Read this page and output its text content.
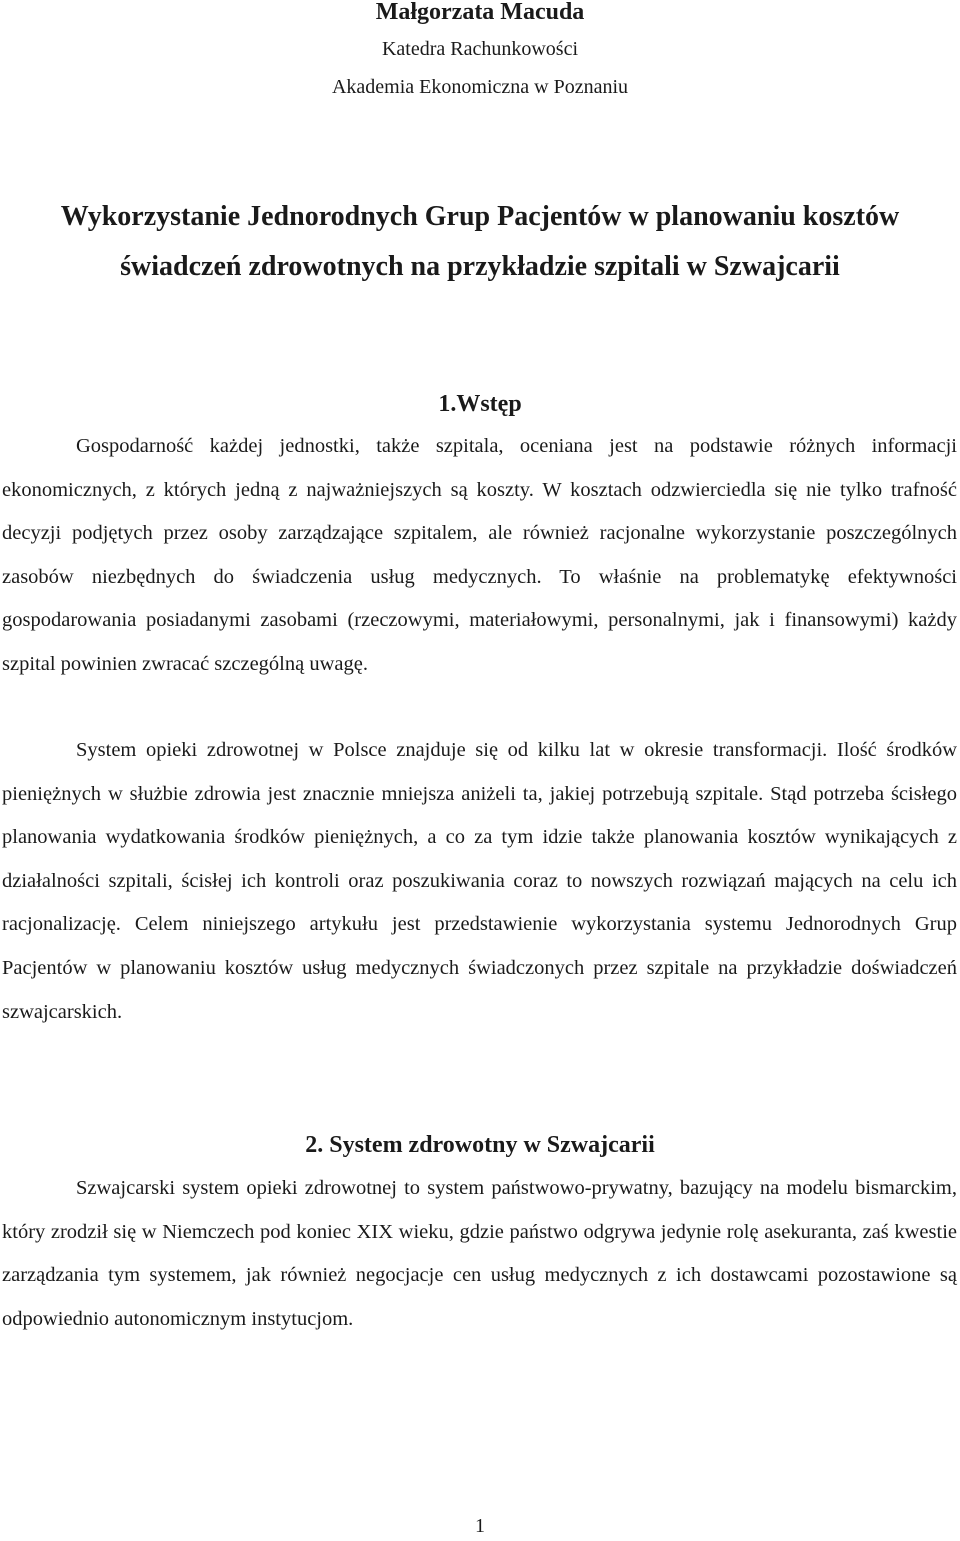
Małgorzata Macuda
Katedra Rachunkowości
Akademia Ekonomiczna w Poznaniu
Wykorzystanie Jednorodnych Grup Pacjentów w planowaniu kosztów
świadczeń zdrowotnych na przykładzie szpitali w Szwajcarii
1.Wstęp

Gospodarność każdej jednostki, także szpitala, oceniana jest na podstawie różnych informacji ekonomicznych, z których jedną z najważniejszych są koszty. W kosztach odzwierciedla się nie tylko trafność decyzji podjętych przez osoby zarządzające szpitalem, ale również racjonalne wykorzystanie poszczególnych zasobów niezbędnych do świadczenia usług medycznych. To właśnie na problematykę efektywności gospodarowania posiadanymi zasobami (rzeczowymi, materiałowymi, personalnymi, jak i finansowymi) każdy szpital powinien zwracać szczególną uwagę.

System opieki zdrowotnej w Polsce znajduje się od kilku lat w okresie transformacji. Ilość środków pieniężnych w służbie zdrowia jest znacznie mniejsza aniżeli ta, jakiej potrzebują szpitale. Stąd potrzeba ścisłego planowania wydatkowania środków pieniężnych, a co za tym idzie także planowania kosztów wynikających z działalności szpitali, ścisłej ich kontroli oraz poszukiwania coraz to nowszych rozwiązań mających na celu ich racjonalizację. Celem niniejszego artykułu jest przedstawienie wykorzystania systemu Jednorodnych Grup Pacjentów w planowaniu kosztów usług medycznych świadczonych przez szpitale na przykładzie doświadczeń szwajcarskich.

2. System zdrowotny w Szwajcarii

Szwajcarski system opieki zdrowotnej to system państwowo-prywatny, bazujący na modelu bismarckim, który zrodził się w Niemczech pod koniec XIX wieku, gdzie państwo odgrywa jedynie rolę asekuranta, zaś kwestie zarządzania tym systemem, jak również negocjacje cen usług medycznych z ich dostawcami pozostawione są odpowiednio autonomicznym instytucjom.

1
